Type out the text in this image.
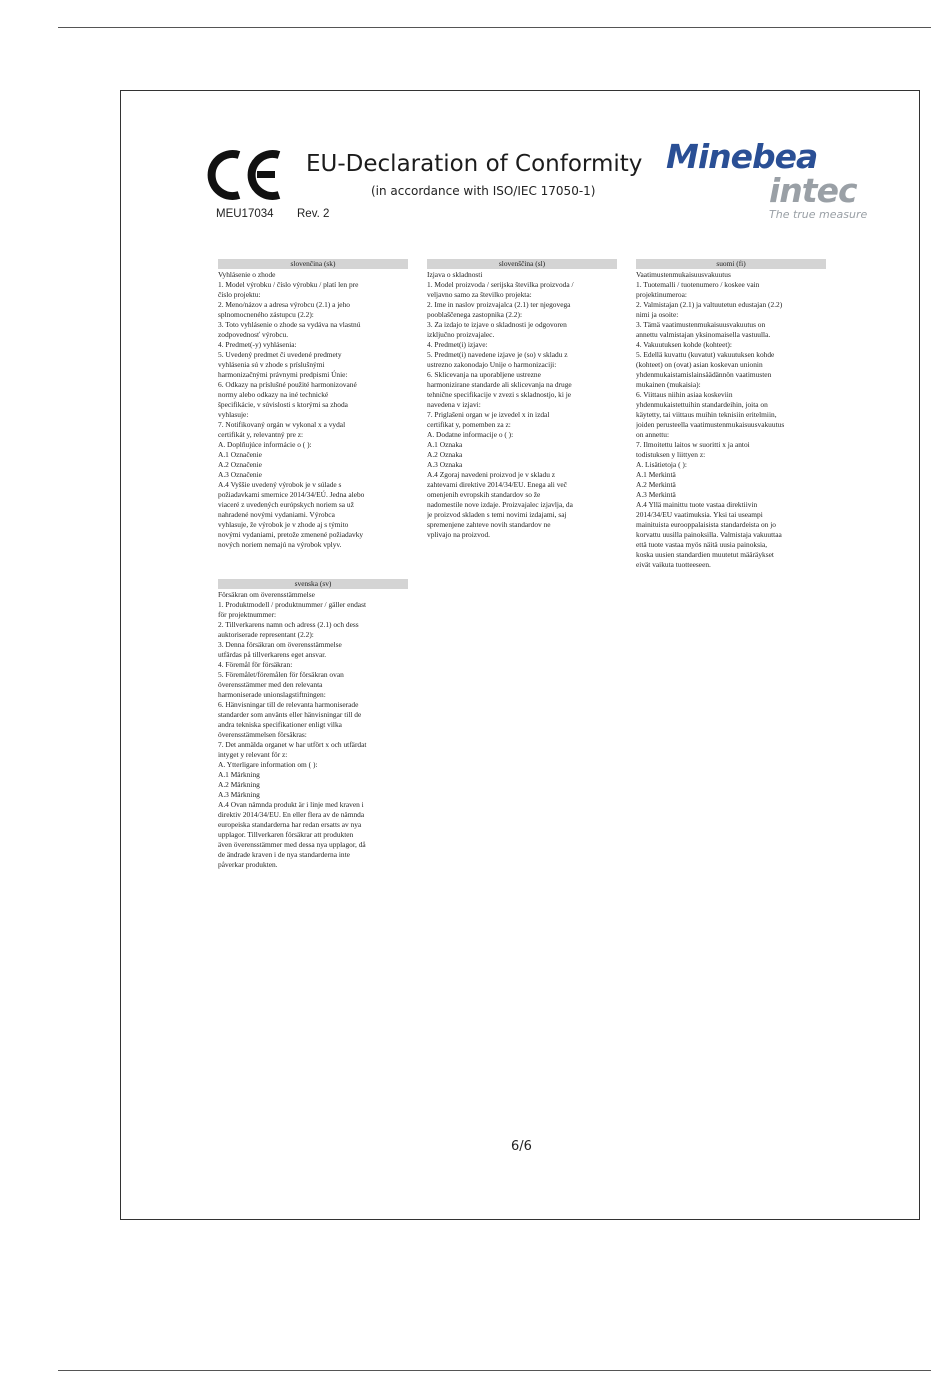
MEU17034 Rev. 2
EU-Declaration of Conformity
(in accordance with ISO/IEC 17050-1)
Minebea
intec
The true measure
slovenčina (sk)
Vyhlásenie o zhode
1. Model výrobku / číslo výrobku / platí len pre
číslo projektu:
2. Meno/názov a adresa výrobcu (2.1) a jeho
splnomocneného zástupcu (2.2):
3. Toto vyhlásenie o zhode sa vydáva na vlastnú
zodpovednosť výrobcu.
4. Predmet(-y) vyhlásenia:
5. Uvedený predmet či uvedené predmety
vyhlásenia sú v zhode s príslušnými
harmonizačnými právnymi predpismi Únie:
6. Odkazy na príslušné použité harmonizované
normy alebo odkazy na iné technické
špecifikácie, v súvislosti s ktorými sa zhoda
vyhlasuje:
7. Notifikovaný orgán w vykonal x a vydal
certifikát y, relevantný pre z:
A. Doplňujúce informácie o ( ):
A.1 Označenie
A.2 Označenie
A.3 Označenie
A.4 Vyššie uvedený výrobok je v súlade s
požiadavkami smernice 2014/34/EÚ. Jedna alebo
viaceré z uvedených európskych noriem sa už
nahradené novými vydaniami. Výrobca
vyhlasuje, že výrobok je v zhode aj s týmito
novými vydaniami, pretože zmenené požiadavky
nových noriem nemajú na výrobok vplyv.
slovenščina (sl)
Izjava o skladnosti
1. Model proizvoda / serijska številka proizvoda /
veljavno samo za številko projekta:
2. Ime in naslov proizvajalca (2.1) ter njegovega
pooblaščenega zastopnika (2.2):
3. Za izdajo te izjave o skladnosti je odgovoren
izključno proizvajalec.
4. Predmet(i) izjave:
5. Predmet(i) navedene izjave je (so) v skladu z
ustrezno zakonodajo Unije o harmonizaciji:
6. Sklicevanja na uporabljene ustrezne
harmonizirane standarde ali sklicevanja na druge
tehnične specifikacije v zvezi s skladnostjo, ki je
navedena v izjavi:
7. Priglašeni organ w je izvedel x in izdal
certifikat y, pomemben za z:
A. Dodatne informacije o ( ):
A.1 Oznaka
A.2 Oznaka
A.3 Oznaka
A.4 Zgoraj navedeni proizvod je v skladu z
zahtevami direktive 2014/34/EU. Enega ali več
omenjenih evropskih standardov so že
nadomestile nove izdaje. Proizvajalec izjavlja, da
je proizvod skladen s temi novimi izdajami, saj
spremenjene zahteve novih standardov ne
vplivajo na proizvod.
suomi (fi)
Vaatimustenmukaisuusvakuutus
1. Tuotemalli / tuotenumero / koskee vain
projektinumeroa:
2. Valmistajan (2.1) ja valtuutetun edustajan (2.2)
nimi ja osoite:
3. Tämä vaatimustenmukaisuusvakuutus on
annettu valmistajan yksinomaisella vastuulla.
4. Vakuutuksen kohde (kohteet):
5. Edellä kuvattu (kuvatut) vakuutuksen kohde
(kohteet) on (ovat) asian koskevan unionin
yhdenmukaistamislainsäädännön vaatimusten
mukainen (mukaisia):
6. Viittaus niihin asiaa koskeviin
yhdenmukaistettuihin standardeihin, joita on
käytetty, tai viittaus muihin teknisiin eritelmiin,
joiden perusteella vaatimustenmukaisuusvakuutus
on annettu:
7. Ilmoitettu laitos w suoritti x ja antoi
todistuksen y liittyen z:
A. Lisätietoja ( ):
A.1 Merkintä
A.2 Merkintä
A.3 Merkintä
A.4 Yllä mainittu tuote vastaa direktiivin
2014/34/EU vaatimuksia. Yksi tai useampi
mainituista eurooppalaisista standardeista on jo
korvattu uusilla painoksilla. Valmistaja vakuuttaa
että tuote vastaa myös näitä uusia painoksia,
koska uusien standardien muutetut määräykset
eivät vaikuta tuotteeseen.
svenska (sv)
Försäkran om överensstämmelse
1. Produktmodell / produktnummer / gäller endast
för projektnummer:
2. Tillverkarens namn och adress (2.1) och dess
auktoriserade representant (2.2):
3. Denna försäkran om överensstämmelse
utfärdas på tillverkarens eget ansvar.
4. Föremål för försäkran:
5. Föremålet/föremålen för försäkran ovan
överensstämmer med den relevanta
harmoniserade unionslagstiftningen:
6. Hänvisningar till de relevanta harmoniserade
standarder som använts eller hänvisningar till de
andra tekniska specifikationer enligt vilka
överensstämmelsen försäkras:
7. Det anmälda organet w har utfört x och utfärdat
intyget y relevant för z:
A. Ytterligare information om ( ):
A.1 Märkning
A.2 Märkning
A.3 Märkning
A.4 Ovan nämnda produkt är i linje med kraven i
direktiv 2014/34/EU. En eller flera av de nämnda
europeiska standarderna har redan ersatts av nya
upplagor. Tillverkaren försäkrar att produkten
även överensstämmer med dessa nya upplagor, då
de ändrade kraven i de nya standarderna inte
påverkar produkten.
6/6
